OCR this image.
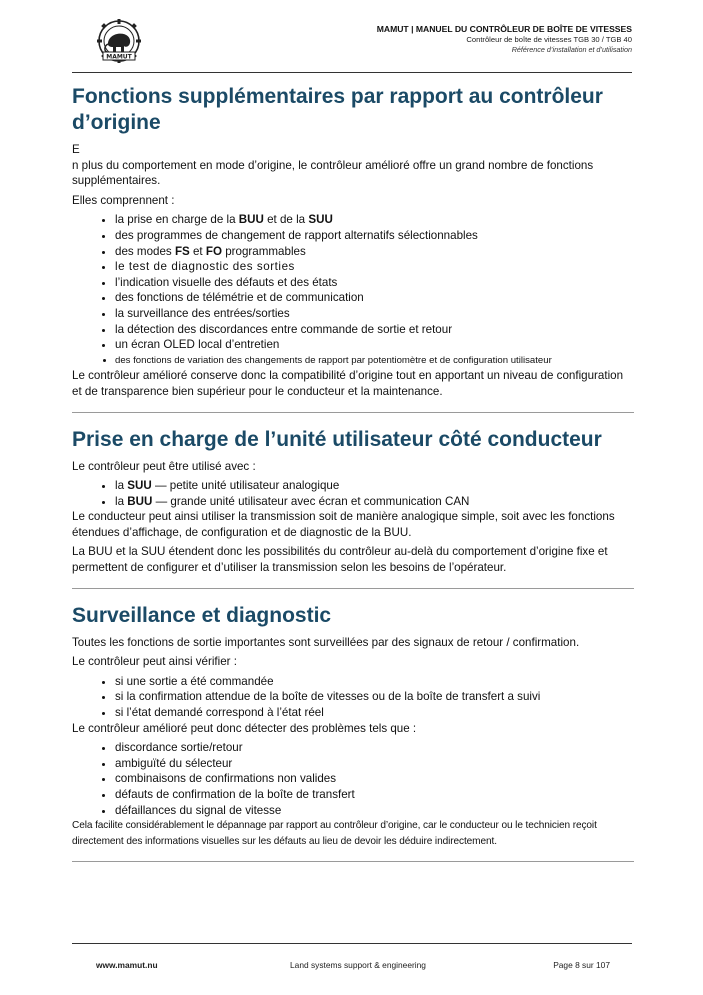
MAMUT
MAMUT | MANUEL DU CONTRÔLEUR DE BOÎTE DE VITESSES
Contrôleur de boîte de vitesses TGB 30 / TGB 40
Référence d’installation et d’utilisation
Fonctions supplémentaires par rapport au contrôleur d’origine

E

n plus du comportement en mode d’origine, le contrôleur amélioré offre un grand nombre de fonctions supplémentaires.

Elles comprennent :

• la prise en charge de la BUU et de la SUU
• des programmes de changement de rapport alternatifs sélectionnables
• des modes FS et FO programmables
• le test de diagnostic des sorties
• l’indication visuelle des défauts et des états
• des fonctions de télémétrie et de communication
• la surveillance des entrées/sorties
• la détection des discordances entre commande de sortie et retour
• un écran OLED local d’entretien
• des fonctions de variation des changements de rapport par potentiomètre et de configuration utilisateur

Le contrôleur amélioré conserve donc la compatibilité d’origine tout en apportant un niveau de configuration et de transparence bien supérieur pour le conducteur et la maintenance.

Prise en charge de l’unité utilisateur côté conducteur

Le contrôleur peut être utilisé avec :

• la SUU — petite unité utilisateur analogique
• la BUU — grande unité utilisateur avec écran et communication CAN

Le conducteur peut ainsi utiliser la transmission soit de manière analogique simple, soit avec les fonctions étendues d’affichage, de configuration et de diagnostic de la BUU.

La BUU et la SUU étendent donc les possibilités du contrôleur au-delà du comportement d’origine fixe et permettent de configurer et d’utiliser la transmission selon les besoins de l’opérateur.

Surveillance et diagnostic

Toutes les fonctions de sortie importantes sont surveillées par des signaux de retour / confirmation.

Le contrôleur peut ainsi vérifier :

• si une sortie a été commandée
• si la confirmation attendue de la boîte de vitesses ou de la boîte de transfert a suivi
• si l’état demandé correspond à l’état réel

Le contrôleur amélioré peut donc détecter des problèmes tels que :

• discordance sortie/retour
• ambiguïté du sélecteur
• combinaisons de confirmations non valides
• défauts de confirmation de la boîte de transfert
• défaillances du signal de vitesse

Cela facilite considérablement le dépannage par rapport au contrôleur d’origine, car le conducteur ou le technicien reçoit directement des informations visuelles sur les défauts au lieu de devoir les déduire indirectement.

www.mamut.nu	Land systems support & engineering	Page 8 sur 107
